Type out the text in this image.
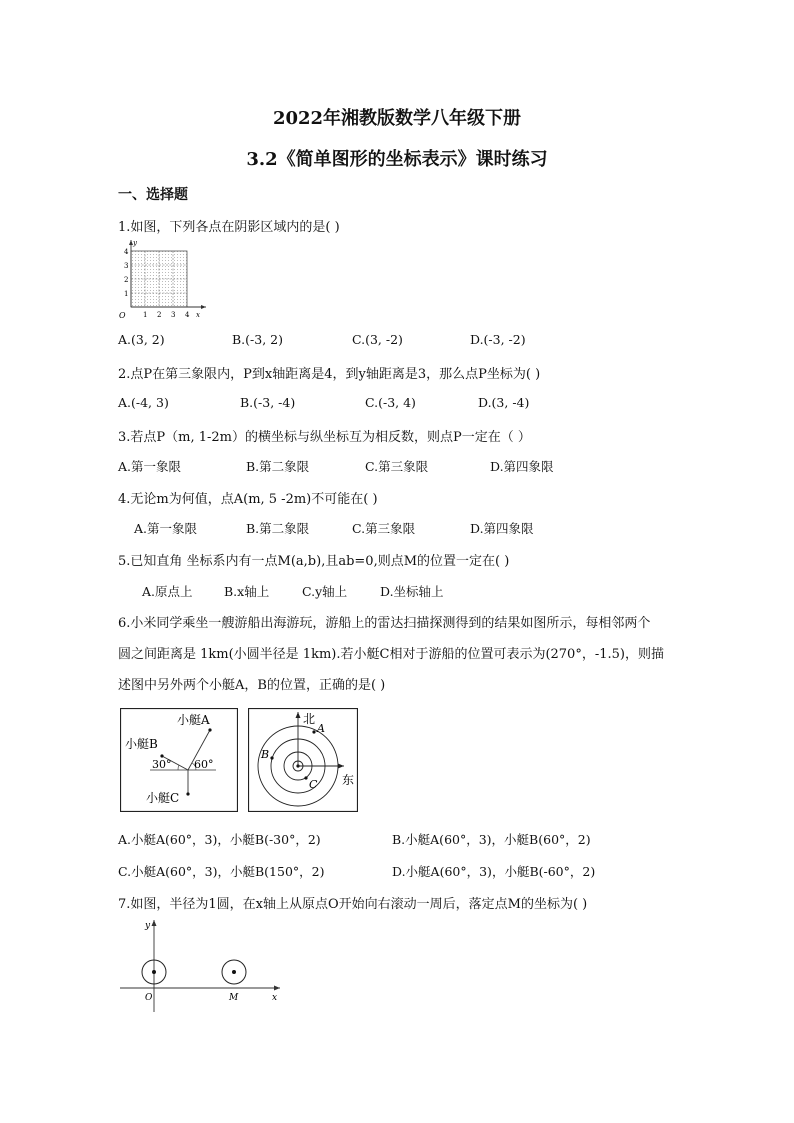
2022年湘教版数学八年级下册
3.2《简单图形的坐标表示》课时练习
一、选择题
1.如图，下列各点在阴影区域内的是( )
y
x
O
4
3
2
1
1 2 3 4
A.(3, 2)	B.(-3, 2)	C.(3, -2)	D.(-3, -2)
2.点P在第三象限内，P到x轴距离是4，到y轴距离是3，那么点P坐标为( )
A.(-4, 3)	B.(-3, -4)	C.(-3, 4)	D.(3, -4)
3.若点P（m, 1-2m）的横坐标与纵坐标互为相反数，则点P一定在（ ）
A.第一象限	B.第二象限	C.第三象限	D.第四象限
4.无论m为何值，点A(m, 5 -2m)不可能在( )
A.第一象限	B.第二象限	C.第三象限	D.第四象限
5.已知直角 坐标系内有一点M(a,b),且ab=0,则点M的位置一定在( )
A.原点上	B.x轴上	C.y轴上	D.坐标轴上
6.小米同学乘坐一艘游船出海游玩，游船上的雷达扫描探测得到的结果如图所示，每相邻两个
圆之间距离是 1km(小圆半径是 1km).若小艇C相对于游船的位置可表示为(270°，-1.5)，则描
述图中另外两个小艇A，B的位置，正确的是( )
小艇A
小艇B
小艇C
30° 60°
北
东
A
B
C
A.小艇A(60°，3)，小艇B(-30°，2)	B.小艇A(60°，3)，小艇B(60°，2)
C.小艇A(60°，3)，小艇B(150°，2)	D.小艇A(60°，3)，小艇B(-60°，2)
7.如图，半径为1圆，在x轴上从原点O开始向右滚动一周后，落定点M的坐标为( )
y
x
O	M
